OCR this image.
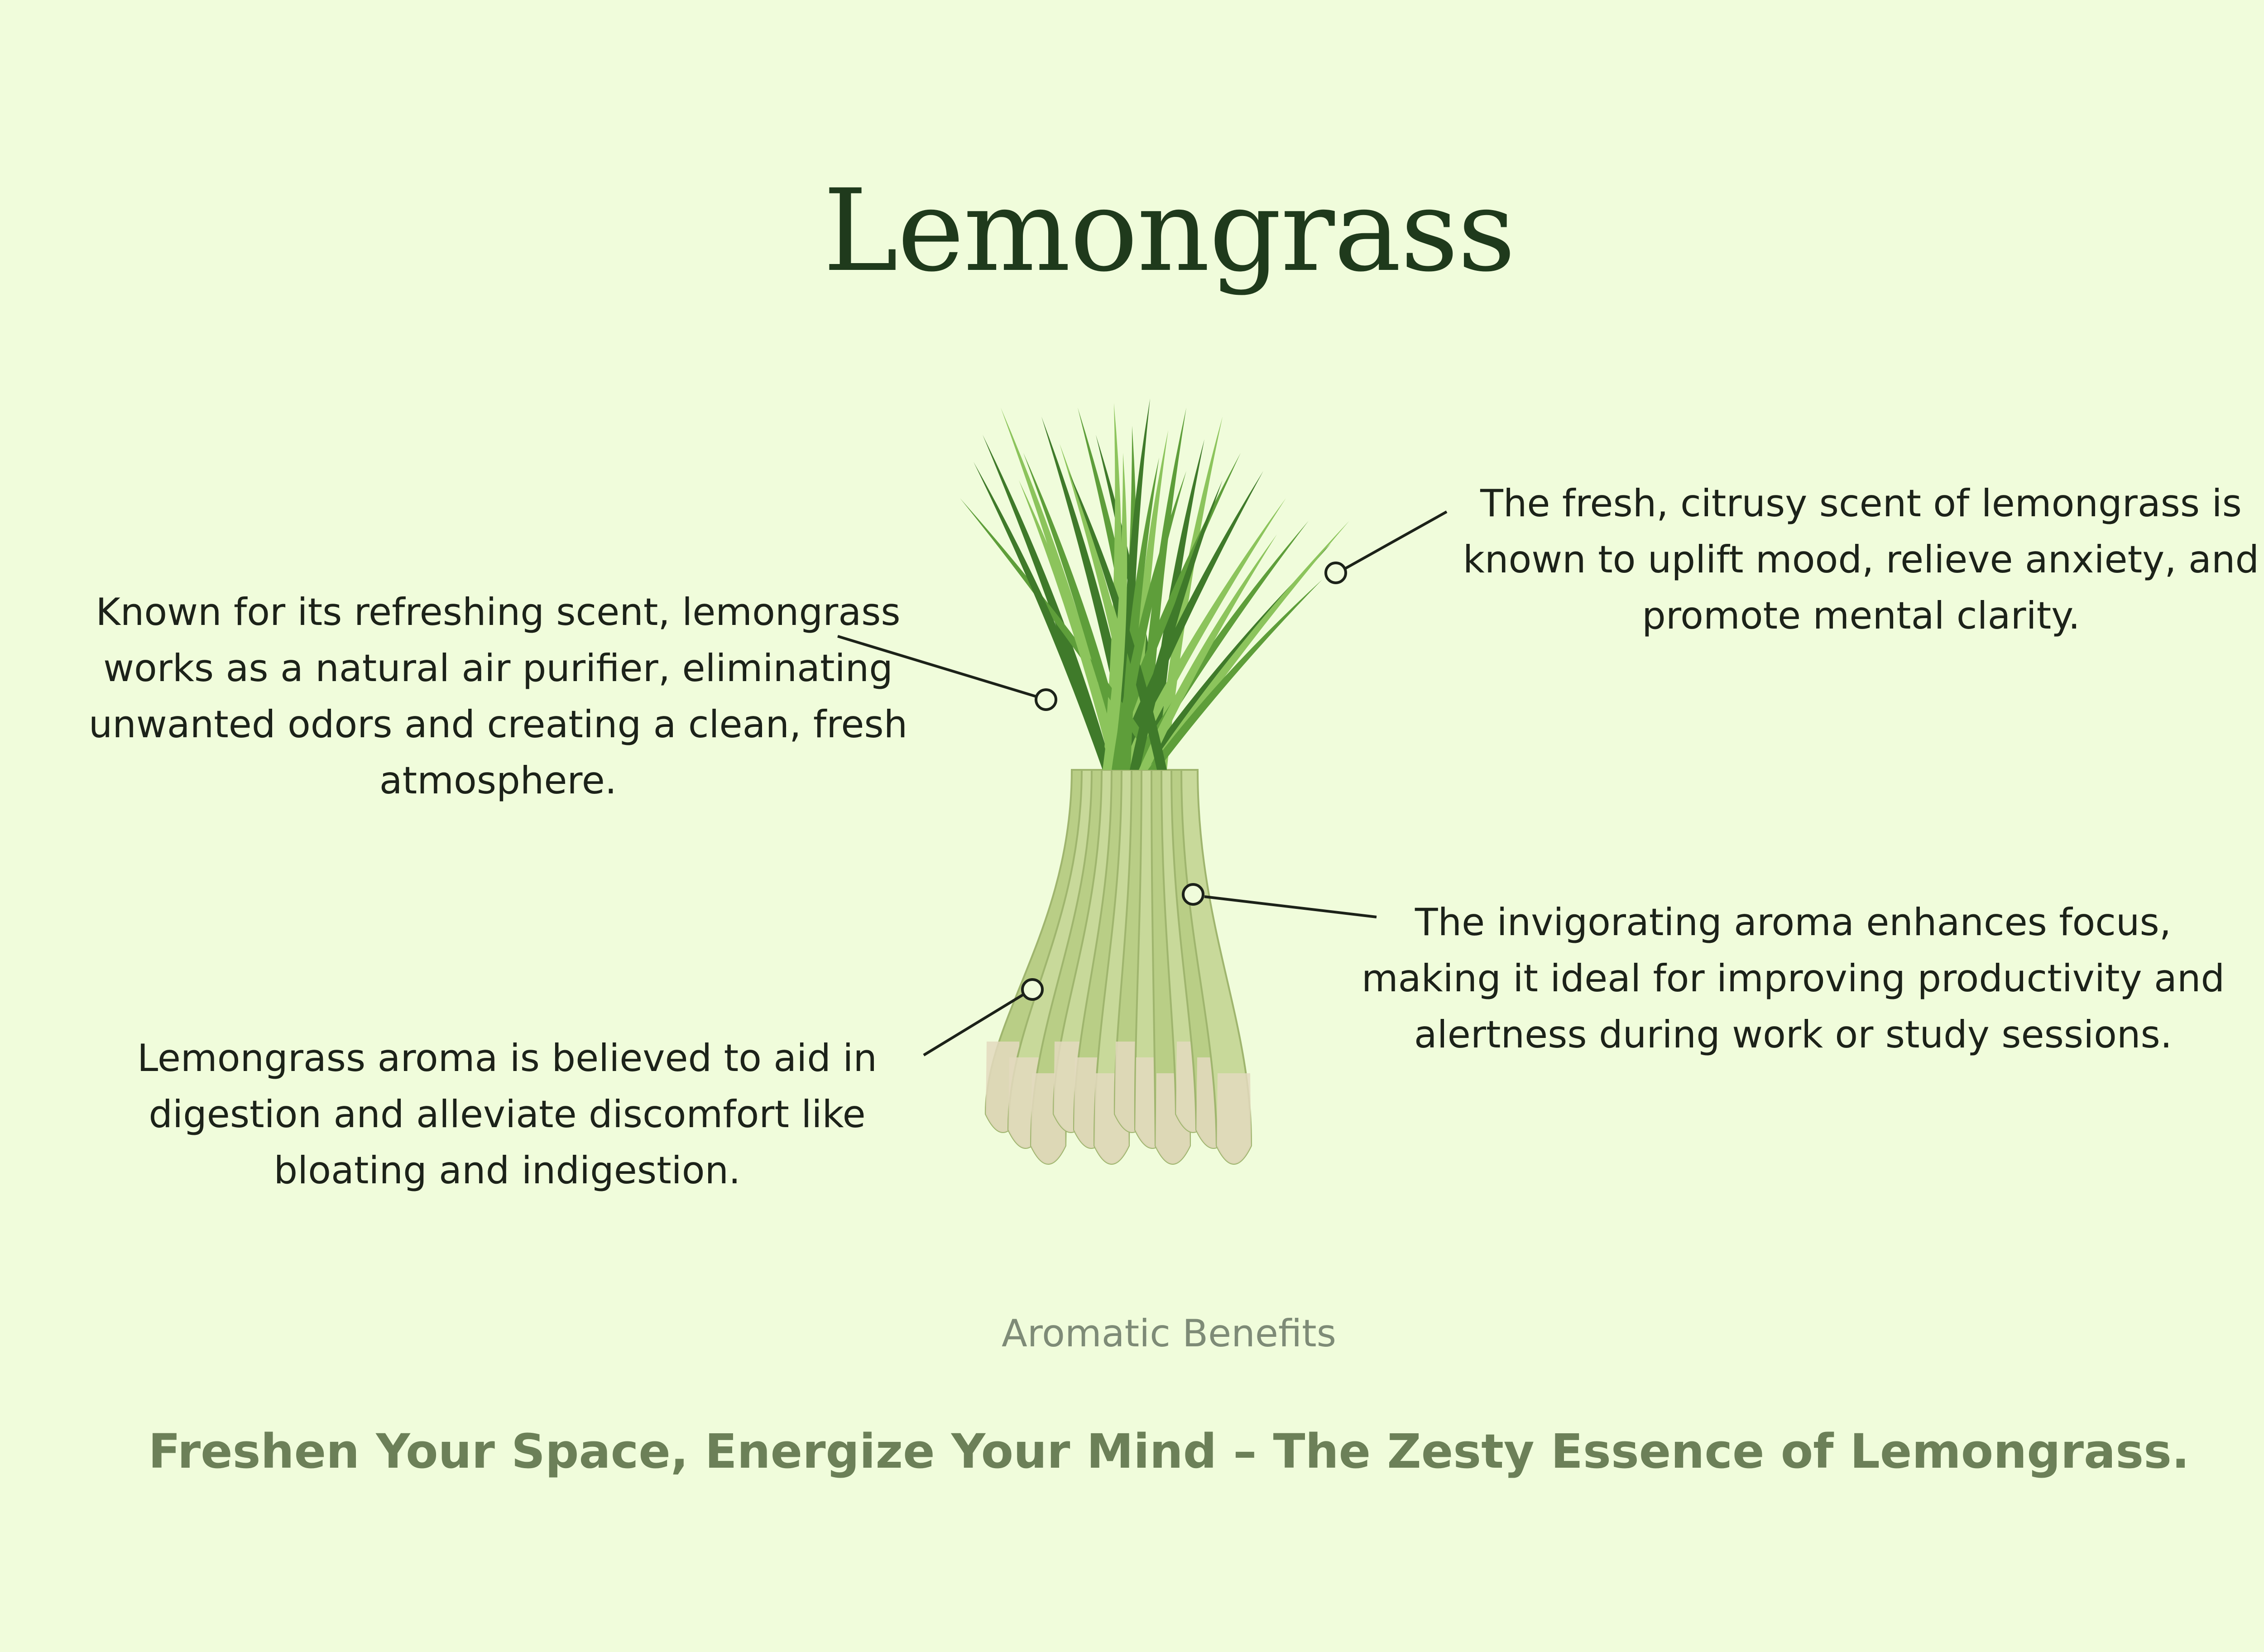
Lemongrass

Known for its refreshing scent, lemongrass works as a natural air purifier, eliminating unwanted odors and creating a clean, fresh atmosphere.

The fresh, citrusy scent of lemongrass is known to uplift mood, relieve anxiety, and promote mental clarity.

The invigorating aroma enhances focus, making it ideal for improving productivity and alertness during work or study sessions.

Lemongrass aroma is believed to aid in digestion and alleviate discomfort like bloating and indigestion.

Aromatic Benefits

Freshen Your Space, Energize Your Mind – The Zesty Essence of Lemongrass.
